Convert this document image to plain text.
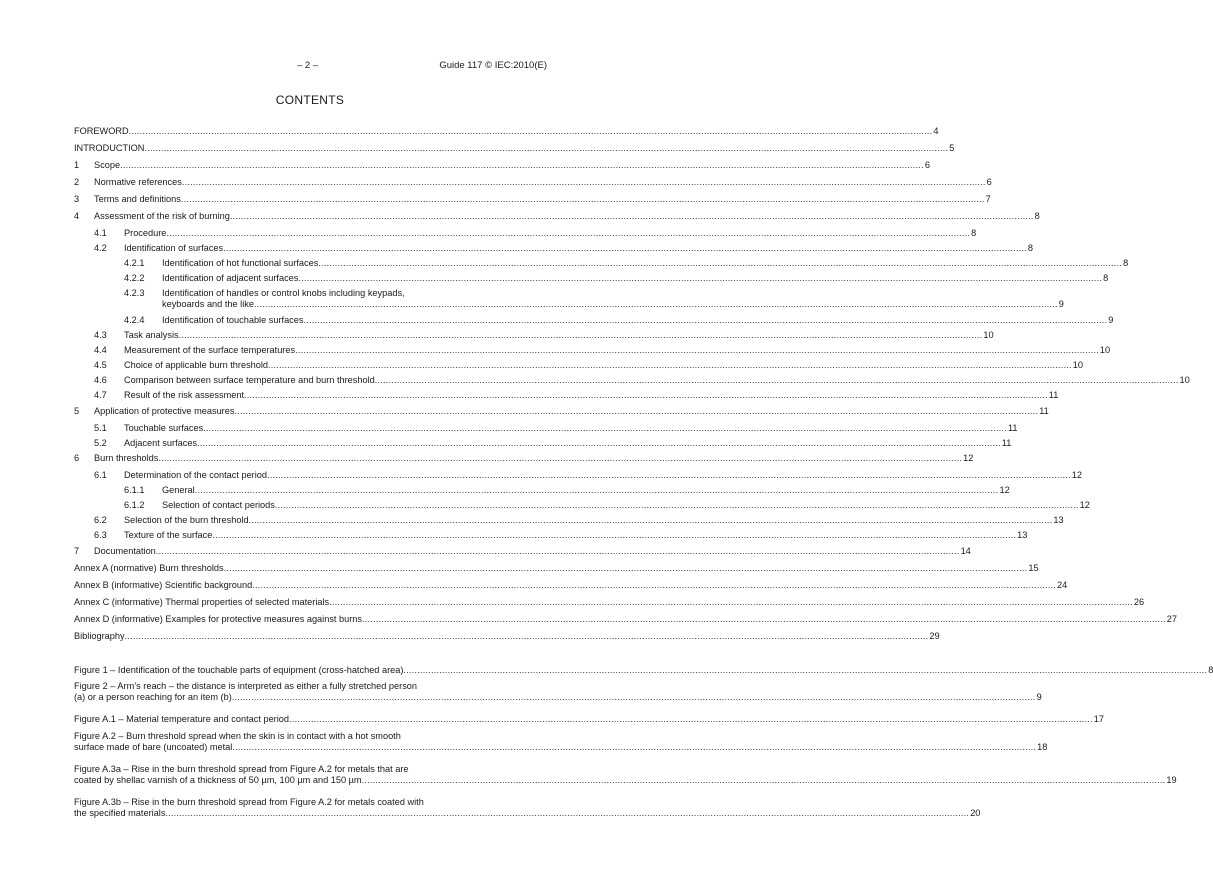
– 2 –	Guide 117 © IEC:2010(E)
CONTENTS
FOREWORD .....	4
INTRODUCTION .....	5
1 Scope .....	6
2 Normative references .....	6
3 Terms and definitions .....	7
4 Assessment of the risk of burning .....	8
4.1 Procedure .....	8
4.2 Identification of surfaces .....	8
4.2.1 Identification of hot functional surfaces .....	8
4.2.2 Identification of adjacent surfaces .....	8
4.2.3 Identification of handles or control knobs including keypads,
keyboards and the like .....	9
4.2.4 Identification of touchable surfaces .....	9
4.3 Task analysis .....	10
4.4 Measurement of the surface temperatures .....	10
4.5 Choice of applicable burn threshold .....	10
4.6 Comparison between surface temperature and burn threshold .....	10
4.7 Result of the risk assessment .....	11
5 Application of protective measures .....	11
5.1 Touchable surfaces .....	11
5.2 Adjacent surfaces .....	11
6 Burn thresholds .....	12
6.1 Determination of the contact period .....	12
6.1.1 General .....	12
6.1.2 Selection of contact periods .....	12
6.2 Selection of the burn threshold .....	13
6.3 Texture of the surface .....	13
7 Documentation .....	14
Annex A (normative) Burn thresholds .....	15
Annex B (informative) Scientific background .....	24
Annex C (informative) Thermal properties of selected materials .....	26
Annex D (informative) Examples for protective measures against burns .....	27
Bibliography .....	29
Figure 1 – Identification of the touchable parts of equipment (cross-hatched area) .....	8
Figure 2 – Arm’s reach – the distance is interpreted as either a fully stretched person
(a) or a person reaching for an item (b) .....	9
Figure A.1 – Material temperature and contact period .....	17
Figure A.2 – Burn threshold spread when the skin is in contact with a hot smooth
surface made of bare (uncoated) metal .....	18
Figure A.3a – Rise in the burn threshold spread from Figure A.2 for metals that are
coated by shellac varnish of a thickness of 50 µm, 100 µm and 150 µm .....	19
Figure A.3b – Rise in the burn threshold spread from Figure A.2 for metals coated with
the specified materials .....	20
